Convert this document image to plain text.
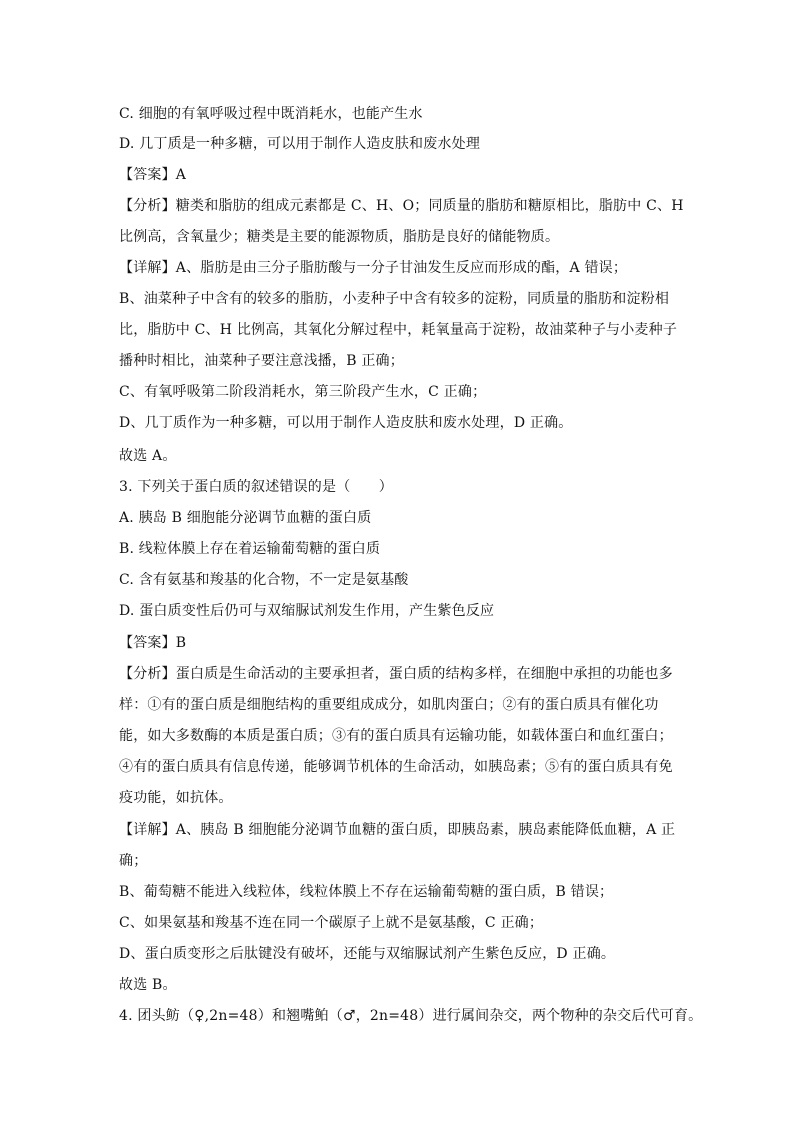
C. 细胞的有氧呼吸过程中既消耗水，也能产生水
D. 几丁质是一种多糖，可以用于制作人造皮肤和废水处理
【答案】A
【分析】糖类和脂肪的组成元素都是 C、H、O；同质量的脂肪和糖原相比，脂肪中 C、H
比例高，含氧量少；糖类是主要的能源物质，脂肪是良好的储能物质。
【详解】A、脂肪是由三分子脂肪酸与一分子甘油发生反应而形成的酯，A 错误；
B、油菜种子中含有的较多的脂肪，小麦种子中含有较多的淀粉，同质量的脂肪和淀粉相
比，脂肪中 C、H 比例高，其氧化分解过程中，耗氧量高于淀粉，故油菜种子与小麦种子
播种时相比，油菜种子要注意浅播，B 正确；
C、有氧呼吸第二阶段消耗水，第三阶段产生水，C 正确；
D、几丁质作为一种多糖，可以用于制作人造皮肤和废水处理，D 正确。
故选 A。
3. 下列关于蛋白质的叙述错误的是（　　）
A. 胰岛 B 细胞能分泌调节血糖的蛋白质
B. 线粒体膜上存在着运输葡萄糖的蛋白质
C. 含有氨基和羧基的化合物，不一定是氨基酸
D. 蛋白质变性后仍可与双缩脲试剂发生作用，产生紫色反应
【答案】B
【分析】蛋白质是生命活动的主要承担者，蛋白质的结构多样，在细胞中承担的功能也多
样：①有的蛋白质是细胞结构的重要组成成分，如肌肉蛋白；②有的蛋白质具有催化功
能，如大多数酶的本质是蛋白质；③有的蛋白质具有运输功能，如载体蛋白和血红蛋白；
④有的蛋白质具有信息传递，能够调节机体的生命活动，如胰岛素；⑤有的蛋白质具有免
疫功能，如抗体。
【详解】A、胰岛 B 细胞能分泌调节血糖的蛋白质，即胰岛素，胰岛素能降低血糖，A 正
确；
B、葡萄糖不能进入线粒体，线粒体膜上不存在运输葡萄糖的蛋白质，B 错误；
C、如果氨基和羧基不连在同一个碳原子上就不是氨基酸，C 正确；
D、蛋白质变形之后肽键没有破坏，还能与双缩脲试剂产生紫色反应，D 正确。
故选 B。
4. 团头鲂（♀,2n=48）和翘嘴鲌（♂，2n=48）进行属间杂交，两个物种的杂交后代可育。
